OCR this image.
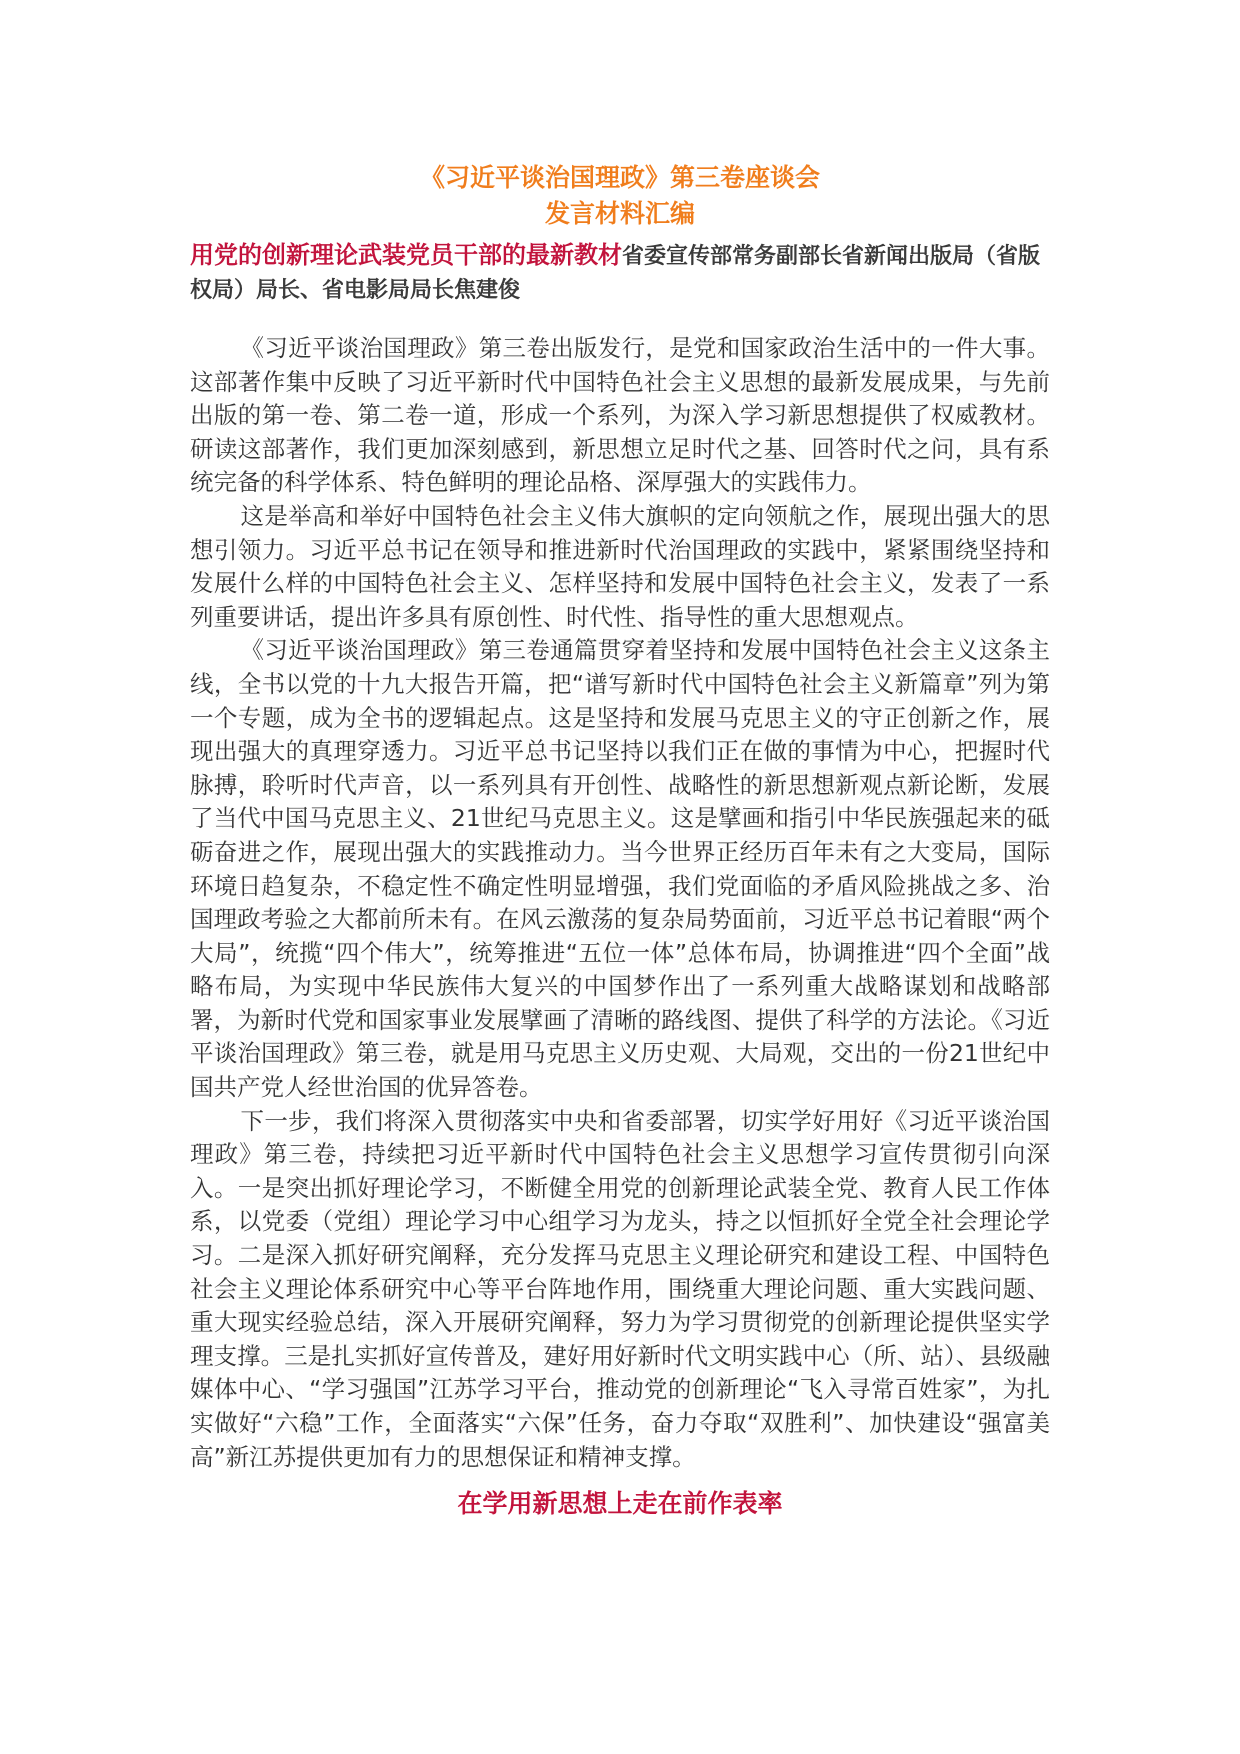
《习近平谈治国理政》第三卷座谈会
发言材料汇编
用党的创新理论武装党员干部的最新教材省委宣传部常务副部长省新闻出版局（省版权局）局长、省电影局局长焦建俊

《习近平谈治国理政》第三卷出版发行，是党和国家政治生活中的一件大事。这部著作集中反映了习近平新时代中国特色社会主义思想的最新发展成果，与先前出版的第一卷、第二卷一道，形成一个系列，为深入学习新思想提供了权威教材。研读这部著作，我们更加深刻感到，新思想立足时代之基、回答时代之问，具有系统完备的科学体系、特色鲜明的理论品格、深厚强大的实践伟力。

这是举高和举好中国特色社会主义伟大旗帜的定向领航之作，展现出强大的思想引领力。习近平总书记在领导和推进新时代治国理政的实践中，紧紧围绕坚持和发展什么样的中国特色社会主义、怎样坚持和发展中国特色社会主义，发表了一系列重要讲话，提出许多具有原创性、时代性、指导性的重大思想观点。

《习近平谈治国理政》第三卷通篇贯穿着坚持和发展中国特色社会主义这条主线，全书以党的十九大报告开篇，把“谱写新时代中国特色社会主义新篇章”列为第一个专题，成为全书的逻辑起点。这是坚持和发展马克思主义的守正创新之作，展现出强大的真理穿透力。习近平总书记坚持以我们正在做的事情为中心，把握时代脉搏，聆听时代声音，以一系列具有开创性、战略性的新思想新观点新论断，发展了当代中国马克思主义、21世纪马克思主义。这是擘画和指引中华民族强起来的砥砺奋进之作，展现出强大的实践推动力。当今世界正经历百年未有之大变局，国际环境日趋复杂，不稳定性不确定性明显增强，我们党面临的矛盾风险挑战之多、治国理政考验之大都前所未有。在风云激荡的复杂局势面前，习近平总书记着眼“两个大局”，统揽“四个伟大”，统筹推进“五位一体”总体布局，协调推进“四个全面”战略布局，为实现中华民族伟大复兴的中国梦作出了一系列重大战略谋划和战略部署，为新时代党和国家事业发展擘画了清晰的路线图、提供了科学的方法论。《习近平谈治国理政》第三卷，就是用马克思主义历史观、大局观，交出的一份21世纪中国共产党人经世治国的优异答卷。

下一步，我们将深入贯彻落实中央和省委部署，切实学好用好《习近平谈治国理政》第三卷，持续把习近平新时代中国特色社会主义思想学习宣传贯彻引向深入。一是突出抓好理论学习，不断健全用党的创新理论武装全党、教育人民工作体系，以党委（党组）理论学习中心组学习为龙头，持之以恒抓好全党全社会理论学习。二是深入抓好研究阐释，充分发挥马克思主义理论研究和建设工程、中国特色社会主义理论体系研究中心等平台阵地作用，围绕重大理论问题、重大实践问题、重大现实经验总结，深入开展研究阐释，努力为学习贯彻党的创新理论提供坚实学理支撑。三是扎实抓好宣传普及，建好用好新时代文明实践中心（所、站）、县级融媒体中心、“学习强国”江苏学习平台，推动党的创新理论“飞入寻常百姓家”，为扎实做好“六稳”工作，全面落实“六保”任务，奋力夺取“双胜利”、加快建设“强富美高”新江苏提供更加有力的思想保证和精神支撑。

在学用新思想上走在前作表率
